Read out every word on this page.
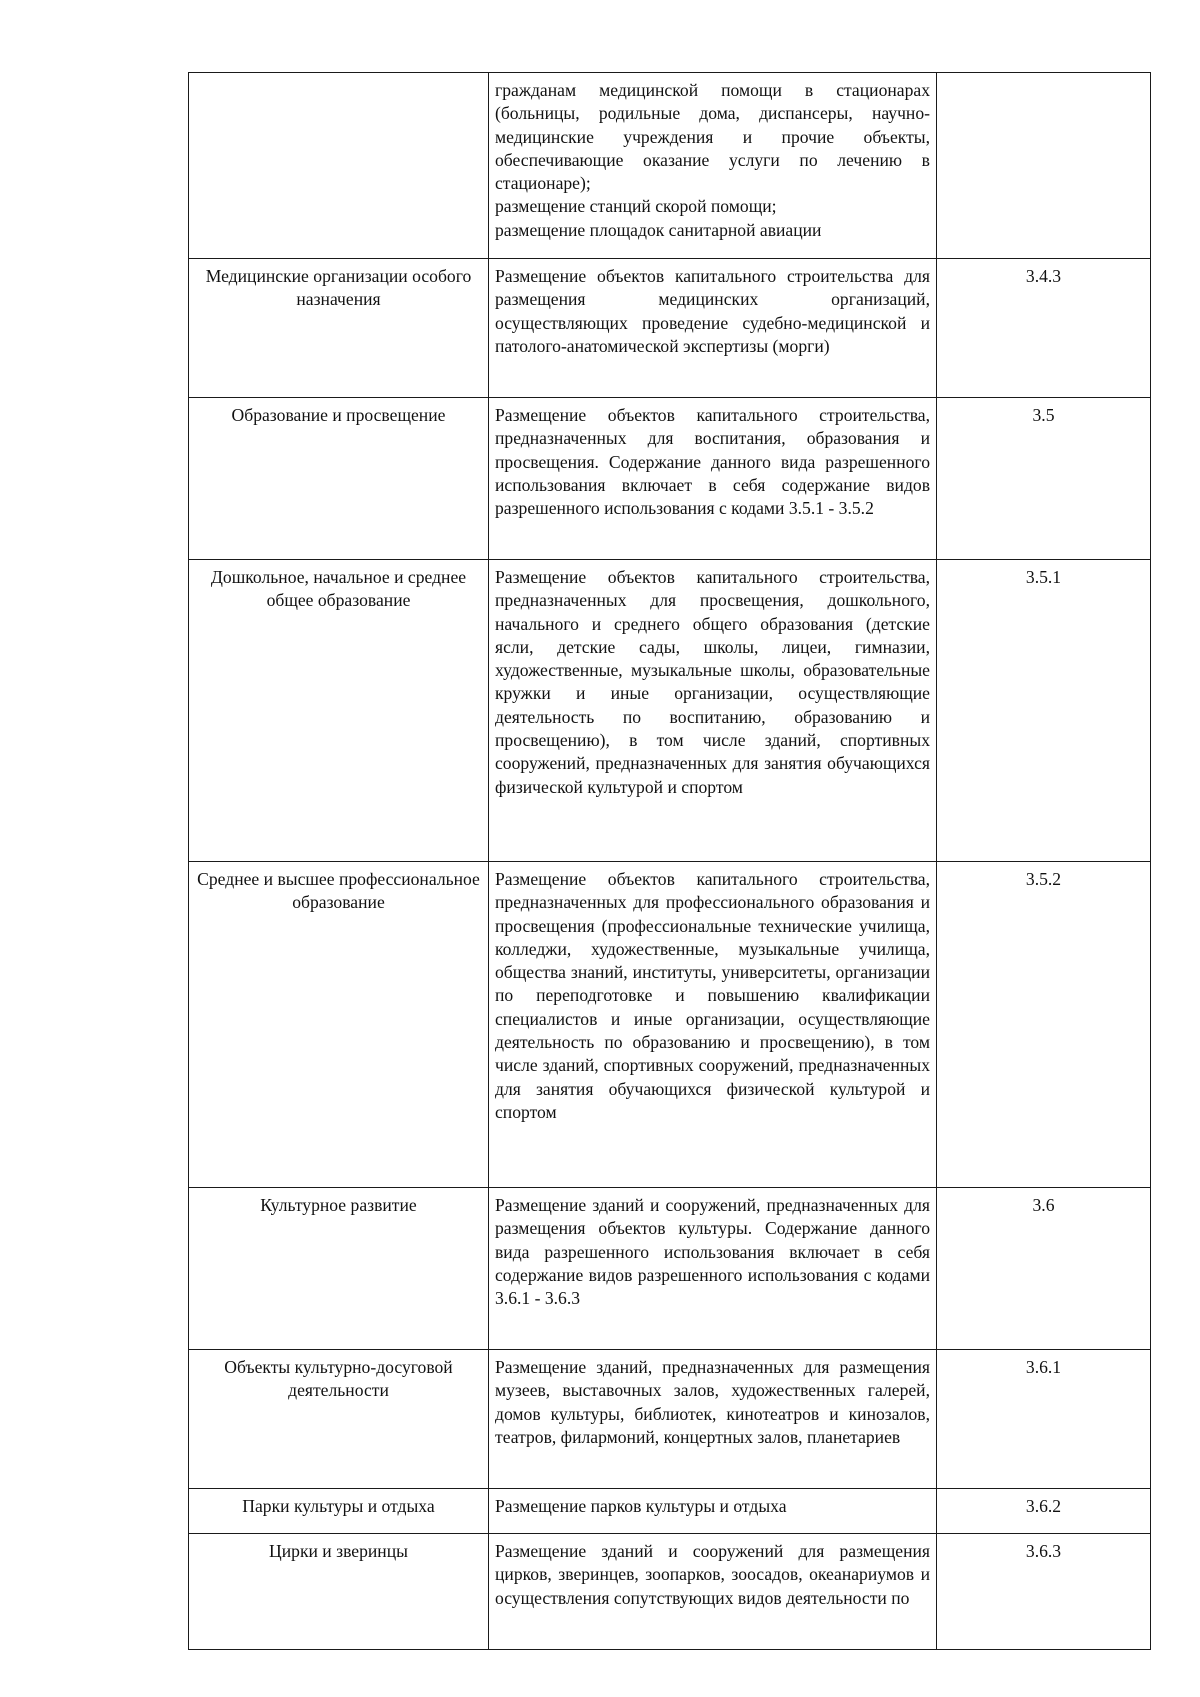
	гражданам медицинской помощи в стационарах (больницы, родильные дома, диспансеры, научно-медицинские учреждения и прочие объекты, обеспечивающие оказание услуги по лечению в стационаре);
размещение станций скорой помощи;
размещение площадок санитарной авиации	

Медицинские организации особого назначения	Размещение объектов капитального строительства для размещения медицинских организаций, осуществляющих проведение судебно-медицинской и патолого-анатомической экспертизы (морги)	3.4.3
Образование и просвещение	Размещение объектов капитального строительства, предназначенных для воспитания, образования и просвещения. Содержание данного вида разрешенного использования включает в себя содержание видов разрешенного использования с кодами 3.5.1 - 3.5.2	3.5
Дошкольное, начальное и среднее общее образование	Размещение объектов капитального строительства, предназначенных для просвещения, дошкольного, начального и среднего общего образования (детские ясли, детские сады, школы, лицеи, гимназии, художественные, музыкальные школы, образовательные кружки и иные организации, осуществляющие деятельность по воспитанию, образованию и просвещению), в том числе зданий, спортивных сооружений, предназначенных для занятия обучающихся физической культурой и спортом	3.5.1
Среднее и высшее профессиональное образование	Размещение объектов капитального строительства, предназначенных для профессионального образования и просвещения (профессиональные технические училища, колледжи, художественные, музыкальные училища, общества знаний, институты, университеты, организации по переподготовке и повышению квалификации специалистов и иные организации, осуществляющие деятельность по образованию и просвещению), в том числе зданий, спортивных сооружений, предназначенных для занятия обучающихся физической культурой и спортом	3.5.2
Культурное развитие	Размещение зданий и сооружений, предназначенных для размещения объектов культуры. Содержание данного вида разрешенного использования включает в себя содержание видов разрешенного использования с кодами 3.6.1 - 3.6.3	3.6
Объекты культурно-досуговой деятельности	Размещение зданий, предназначенных для размещения музеев, выставочных залов, художественных галерей, домов культуры, библиотек, кинотеатров и кинозалов, театров, филармоний, концертных залов, планетариев	3.6.1
Парки культуры и отдыха	Размещение парков культуры и отдыха	3.6.2
Цирки и зверинцы	Размещение зданий и сооружений для размещения цирков, зверинцев, зоопарков, зоосадов, океанариумов и осуществления сопутствующих видов деятельности по	3.6.3
